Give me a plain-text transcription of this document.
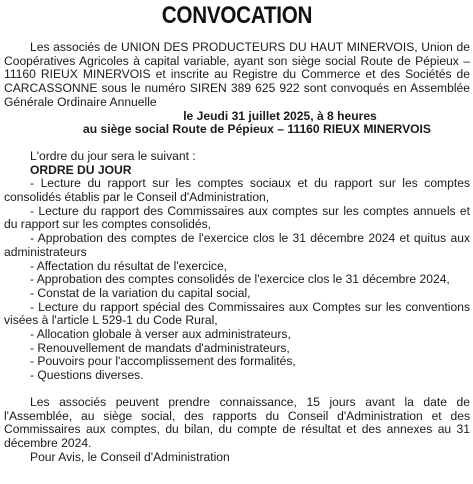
CONVOCATION

Les associés de UNION DES PRODUCTEURS DU HAUT MINERVOIS, Union de Coopératives Agricoles à capital variable, ayant son siège social Route de Pépieux – 11160 RIEUX MINERVOIS et inscrite au Registre du Commerce et des Sociétés de CARCASSONNE sous le numéro SIREN 389 625 922 sont convoqués en Assemblée Générale Ordinaire Annuelle

le Jeudi 31 juillet 2025, à 8 heures
au siège social Route de Pépieux – 11160 RIEUX MINERVOIS

L'ordre du jour sera le suivant :

ORDRE DU JOUR

- Lecture du rapport sur les comptes sociaux et du rapport sur les comptes consolidés établis par le Conseil d'Administration,
- Lecture du rapport des Commissaires aux comptes sur les comptes annuels et du rapport sur les comptes consolidés,
- Approbation des comptes de l'exercice clos le 31 décembre 2024 et quitus aux administrateurs
- Affectation du résultat de l'exercice,
- Approbation des comptes consolidés de l'exercice clos le 31 décembre 2024,
- Constat de la variation du capital social,
- Lecture du rapport spécial des Commissaires aux Comptes sur les conventions visées à l'article L 529-1 du Code Rural,
- Allocation globale à verser aux administrateurs,
- Renouvellement de mandats d'administrateurs,
- Pouvoirs pour l'accomplissement des formalités,
- Questions diverses.

Les associés peuvent prendre connaissance, 15 jours avant la date de l'Assemblée, au siège social, des rapports du Conseil d'Administration et des Commissaires aux comptes, du bilan, du compte de résultat et des annexes au 31 décembre 2024.

Pour Avis, le Conseil d'Administration
